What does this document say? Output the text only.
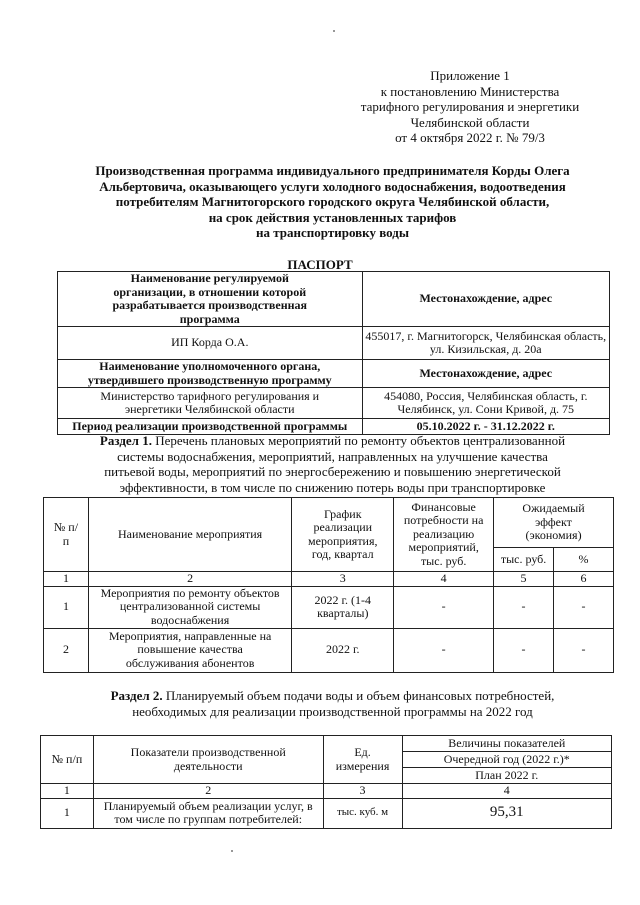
Приложение 1
к постановлению Министерства
тарифного регулирования и энергетики
Челябинской области
от 4 октября 2022 г. № 79/3
Производственная программа индивидуального предпринимателя Корды Олега
Альбертовича, оказывающего услуги холодного водоснабжения, водоотведения
потребителям Магнитогорского городского округа Челябинской области,
на срок действия установленных тарифов
на транспортировку воды
ПАСПОРТ
Наименование регулируемой организации, в отношении которой разрабатывается производственная программа	Местонахождение, адрес
ИП Корда О.А.	455017, г. Магнитогорск, Челябинская область, ул. Кизильская, д. 20а
Наименование уполномоченного органа, утвердившего производственную программу	Местонахождение, адрес
Министерство тарифного регулирования и энергетики Челябинской области	454080, Россия, Челябинская область, г. Челябинск, ул. Сони Кривой, д. 75
Период реализации производственной программы	05.10.2022 г. - 31.12.2022 г.
Раздел 1. Перечень плановых мероприятий по ремонту объектов централизованной
системы водоснабжения, мероприятий, направленных на улучшение качества
питьевой воды, мероприятий по энергосбережению и повышению энергетической
эффективности, в том числе по снижению потерь воды при транспортировке
№ п/п	Наименование мероприятия	График реализации мероприятия, год, квартал	Финансовые потребности на реализацию мероприятий, тыс. руб.	Ожидаемый эффект (экономия)	
				тыс. руб.	%
1	2	3	4	5	6
1	Мероприятия по ремонту объектов централизованной системы водоснабжения	2022 г. (1-4 кварталы)	-	-	-
2	Мероприятия, направленные на повышение качества обслуживания абонентов	2022 г.	-	-	-
Раздел 2. Планируемый объем подачи воды и объем финансовых потребностей,
необходимых для реализации производственной программы на 2022 год
№ п/п	Показатели производственной деятельности	Ед. измерения	Величины показателей
			Очередной год (2022 г.)*
			План 2022 г.
1	2	3	4
1	Планируемый объем реализации услуг, в том числе по группам потребителей:	тыс. куб. м	95,31
